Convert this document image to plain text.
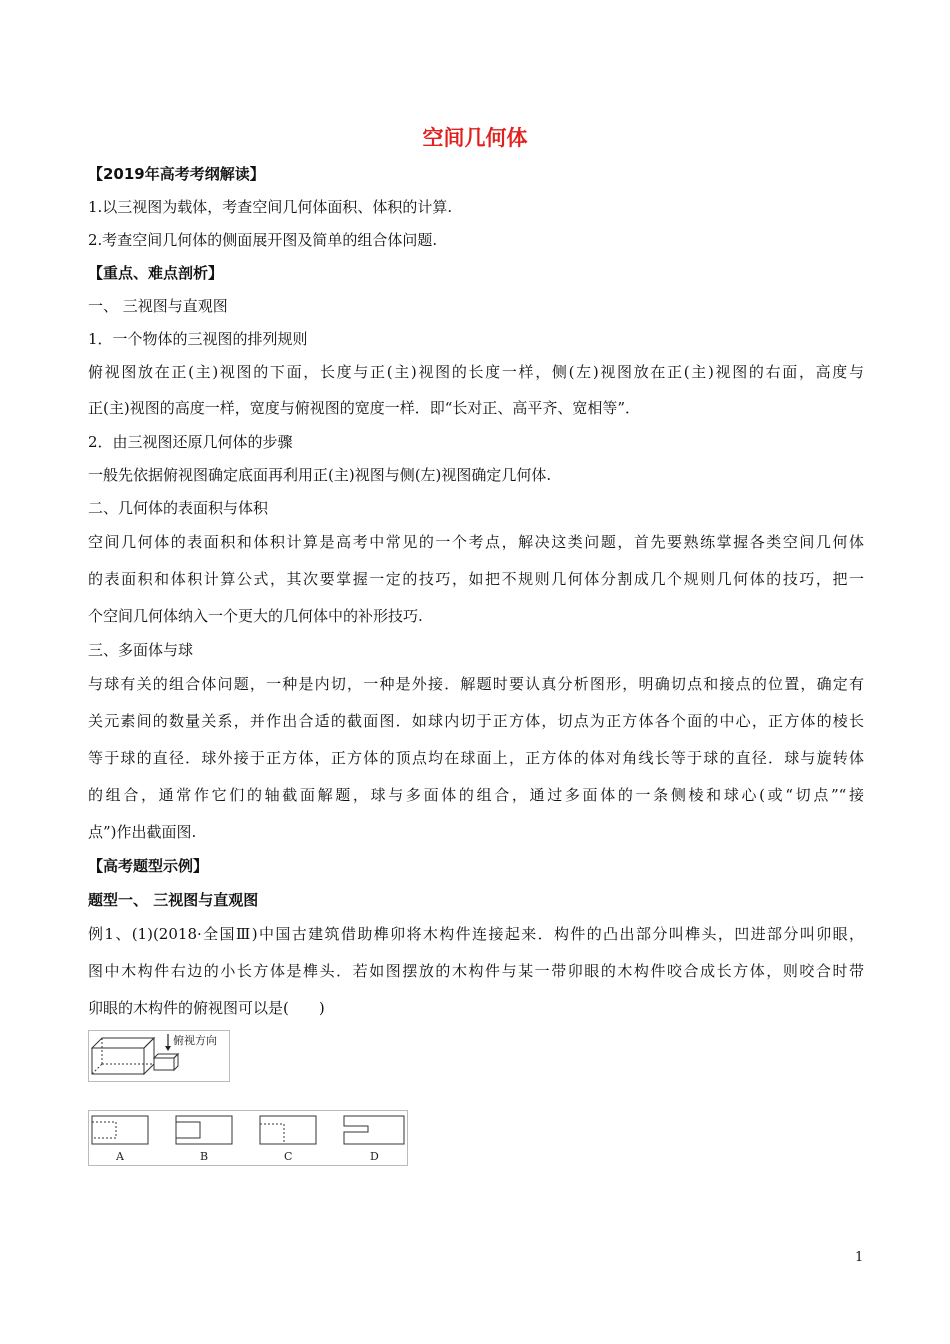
空间几何体
【2019年高考考纲解读】
1.以三视图为载体，考查空间几何体面积、体积的计算.
2.考查空间几何体的侧面展开图及简单的组合体问题.
【重点、难点剖析】
一、 三视图与直观图
1．一个物体的三视图的排列规则
俯视图放在正(主)视图的下面，长度与正(主)视图的长度一样，侧(左)视图放在正(主)视图的右面，高度与
正(主)视图的高度一样，宽度与俯视图的宽度一样．即“长对正、高平齐、宽相等”．
2．由三视图还原几何体的步骤
一般先依据俯视图确定底面再利用正(主)视图与侧(左)视图确定几何体.
二、几何体的表面积与体积
空间几何体的表面积和体积计算是高考中常见的一个考点，解决这类问题，首先要熟练掌握各类空间几何体
的表面积和体积计算公式，其次要掌握一定的技巧，如把不规则几何体分割成几个规则几何体的技巧，把一
个空间几何体纳入一个更大的几何体中的补形技巧.
三、多面体与球
与球有关的组合体问题，一种是内切，一种是外接．解题时要认真分析图形，明确切点和接点的位置，确定有
关元素间的数量关系，并作出合适的截面图．如球内切于正方体，切点为正方体各个面的中心，正方体的棱长
等于球的直径．球外接于正方体，正方体的顶点均在球面上，正方体的体对角线长等于球的直径．球与旋转体
的组合，通常作它们的轴截面解题，球与多面体的组合，通过多面体的一条侧棱和球心(或“切点”“接
点”)作出截面图.
【高考题型示例】
题型一、 三视图与直观图
例1、(1)(2018·全国Ⅲ)中国古建筑借助榫卯将木构件连接起来．构件的凸出部分叫榫头，凹进部分叫卯眼，
图中木构件右边的小长方体是榫头．若如图摆放的木构件与某一带卯眼的木构件咬合成长方体，则咬合时带
卯眼的木构件的俯视图可以是(　　)
俯视方向
A	B	C	D
1
